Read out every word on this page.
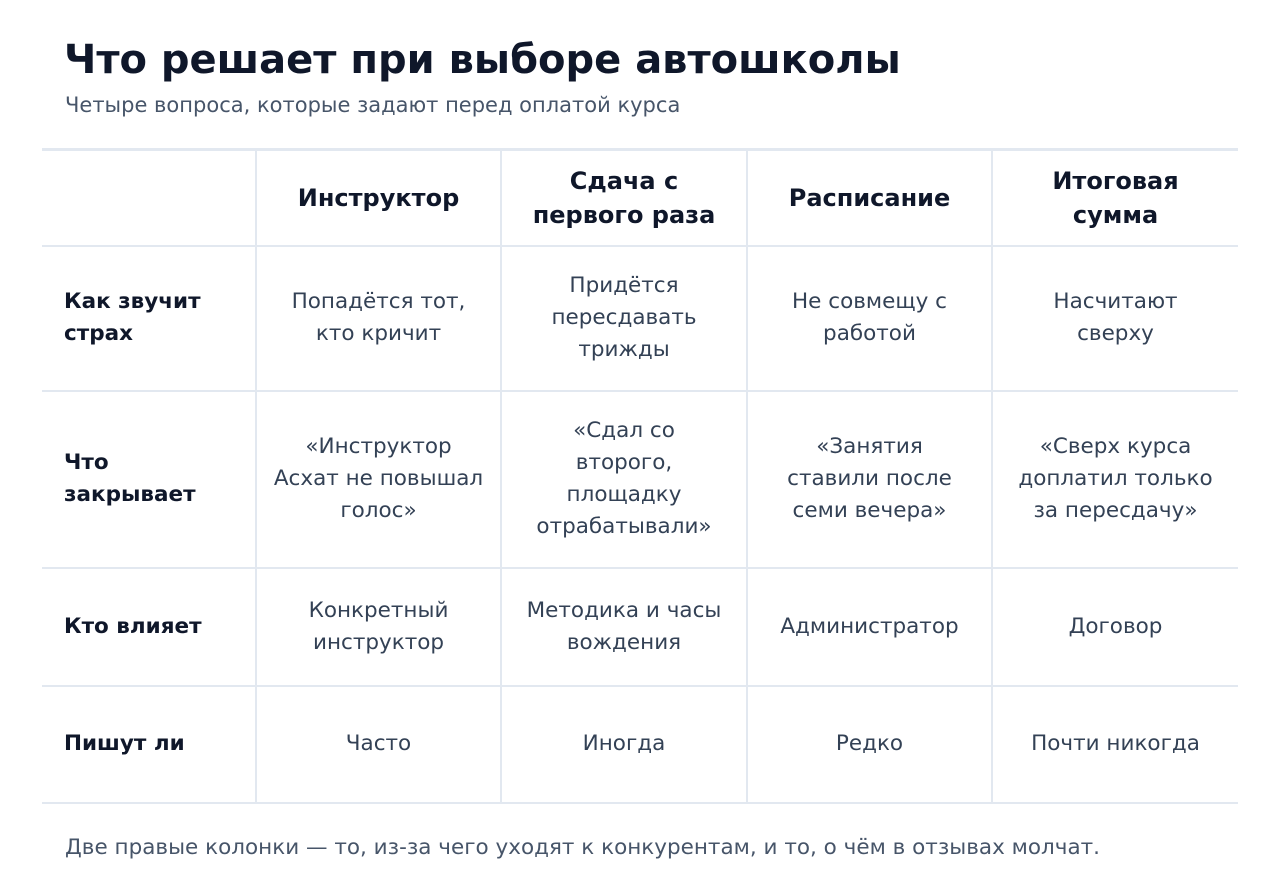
Что решает при выборе автошколы

Четыре вопроса, которые задают перед оплатой курса

	Инструктор	Сдача с первого раза	Расписание	Итоговая сумма

Как звучит страх	Попадётся тот, кто кричит	Придётся пересдавать трижды	Не совмещу с работой	Насчитают сверху

Что закрывает	«Инструктор Асхат не повышал голос»	«Сдал со второго, площадку отрабатывали»	«Занятия ставили после семи вечера»	«Сверх курса доплатил только за пересдачу»

Кто влияет	Конкретный инструктор	Методика и часы вождения	Администратор	Договор

Пишут ли	Часто	Иногда	Редко	Почти никогда

Две правые колонки — то, из-за чего уходят к конкурентам, и то, о чём в отзывах молчат.
